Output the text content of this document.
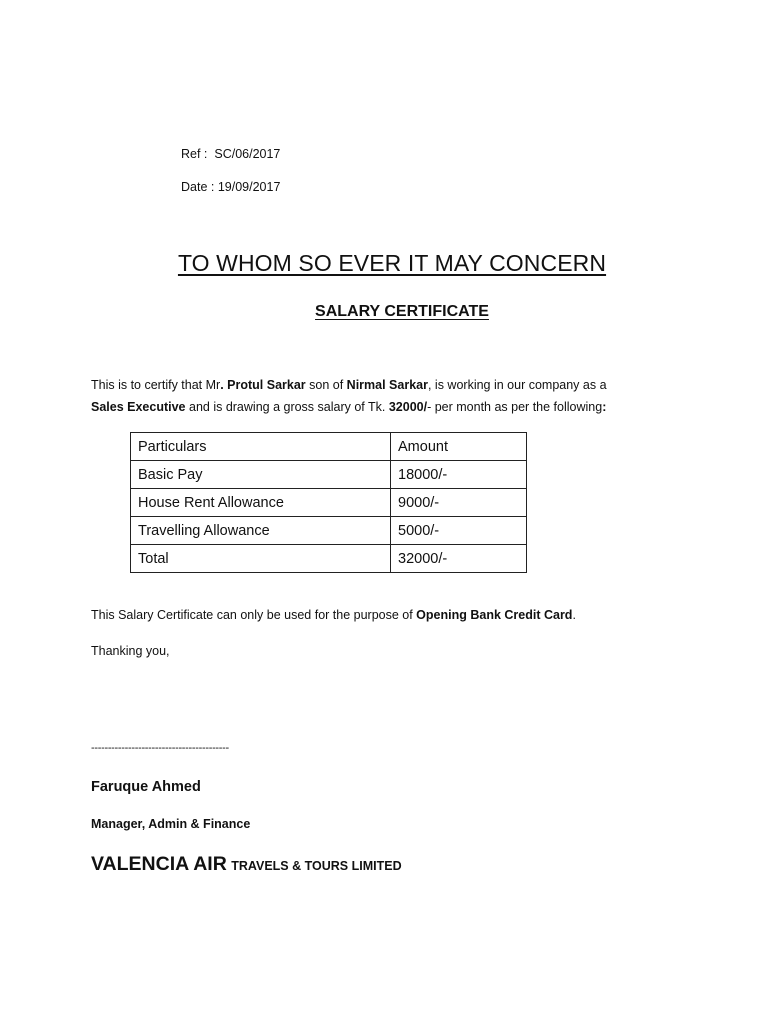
Ref : SC/06/2017
Date : 19/09/2017
TO WHOM SO EVER IT MAY CONCERN
SALARY CERTIFICATE
This is to certify that Mr. Protul Sarkar son of Nirmal Sarkar, is working in our company as a
Sales Executive and is drawing a gross salary of Tk. 32000/- per month as per the following:
Particulars	Amount
Basic Pay	18000/-
House Rent Allowance	9000/-
Travelling Allowance	5000/-
Total	32000/-
This Salary Certificate can only be used for the purpose of Opening Bank Credit Card.
Thanking you,
-----------------------------------------
Faruque Ahmed
Manager, Admin & Finance
VALENCIA AIR TRAVELS & TOURS LIMITED
